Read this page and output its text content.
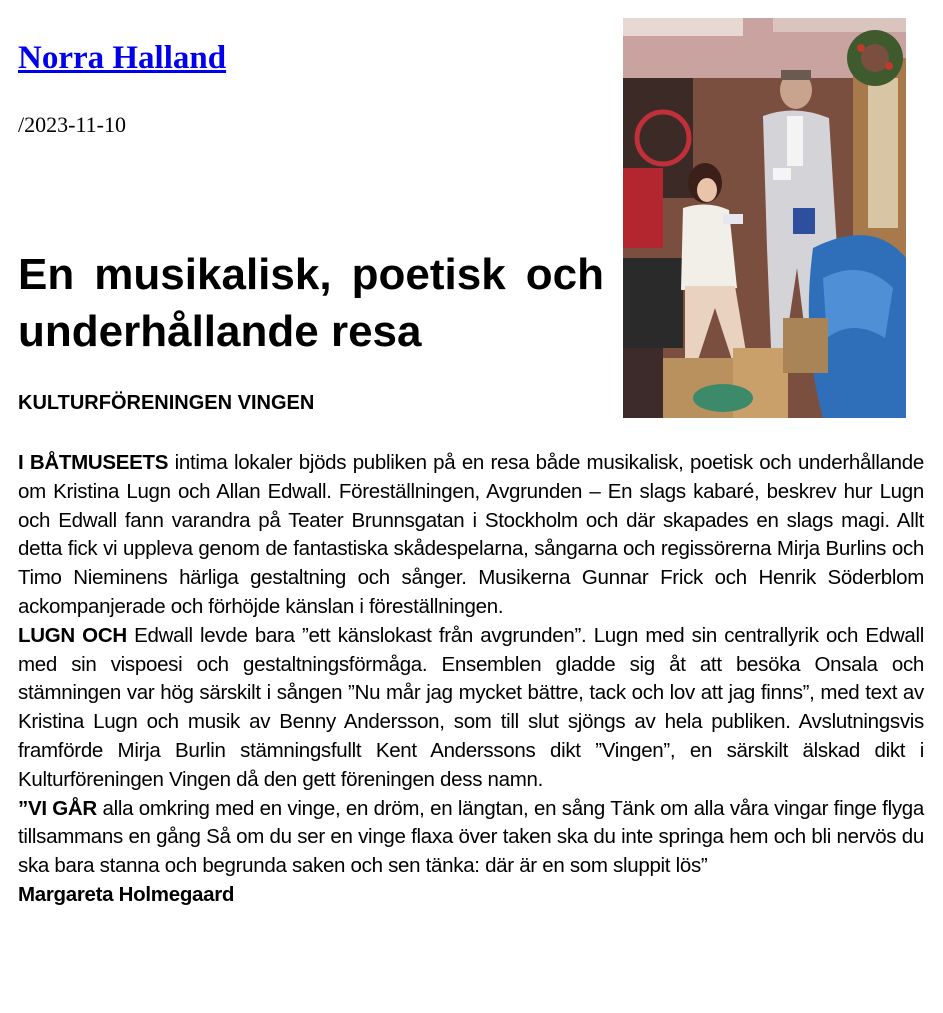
Norra Halland
/2023-11-10
En musikalisk, poetisk och underhållande resa
KULTURFÖRENINGEN VINGEN

I BÅTMUSEETS intima lokaler bjöds publiken på en resa både musikalisk, poetisk och underhållande om Kristina Lugn och Allan Edwall. Föreställningen, Avgrunden – En slags kabaré, beskrev hur Lugn och Edwall fann varandra på Teater Brunnsgatan i Stockholm och där skapades en slags magi. Allt detta fick vi uppleva genom de fantastiska skådespelarna, sångarna och regissörerna Mirja Burlins och Timo Nieminens härliga gestaltning och sånger. Musikerna Gunnar Frick och Henrik Söderblom ackompanjerade och förhöjde känslan i föreställningen.

LUGN OCH Edwall levde bara ”ett känslokast från avgrunden”. Lugn med sin centrallyrik och Edwall med sin vispoesi och gestaltningsförmåga. Ensemblen gladde sig åt att besöka Onsala och stämningen var hög särskilt i sången ”Nu mår jag mycket bättre, tack och lov att jag finns”, med text av Kristina Lugn och musik av Benny Andersson, som till slut sjöngs av hela publiken. Avslutningsvis framförde Mirja Burlin stämningsfullt Kent Anderssons dikt ”Vingen”, en särskilt älskad dikt i Kulturföreningen Vingen då den gett föreningen dess namn.

”VI GÅR alla omkring med en vinge, en dröm, en längtan, en sång Tänk om alla våra vingar finge flyga tillsammans en gång Så om du ser en vinge flaxa över taken ska du inte springa hem och bli nervös du ska bara stanna och begrunda saken och sen tänka: där är en som sluppit lös”

Margareta Holmegaard
